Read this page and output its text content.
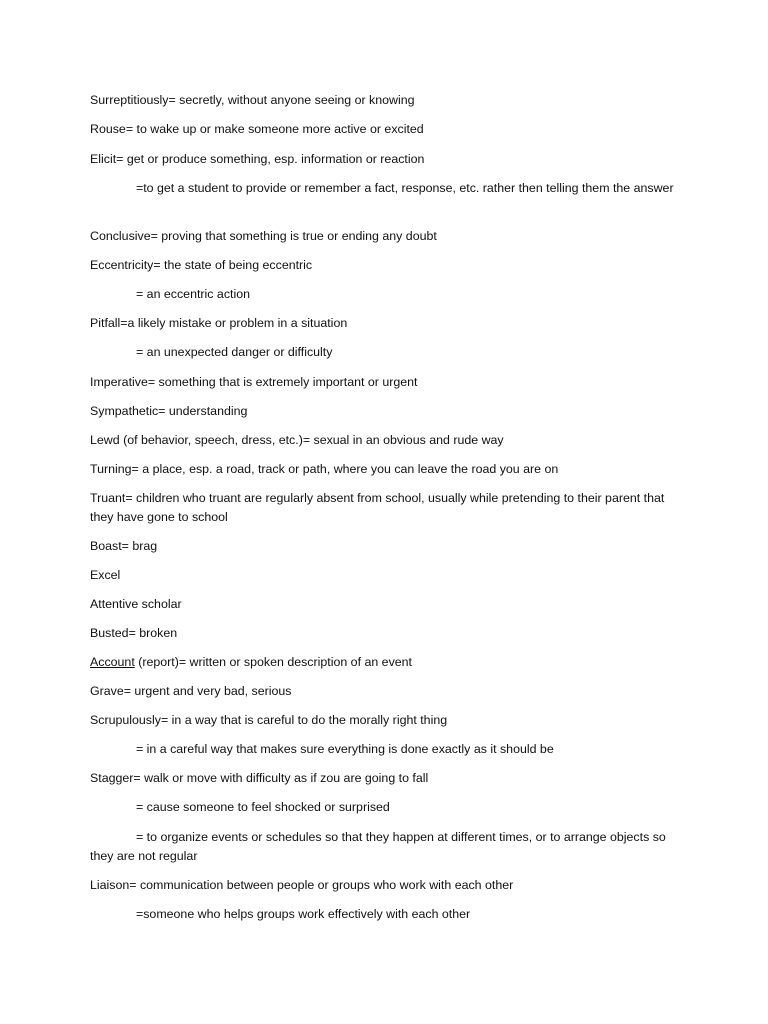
Surreptitiously= secretly, without anyone seeing or knowing

Rouse= to wake up or make someone more active or excited

Elicit= get or produce something, esp. information or reaction

=to get a student to provide or remember a fact, response, etc. rather then telling them the answer

Conclusive= proving that something is true or ending any doubt

Eccentricity= the state of being eccentric

= an eccentric action

Pitfall=a likely mistake or problem in a situation

= an unexpected danger or difficulty

Imperative= something that is extremely important or urgent

Sympathetic= understanding

Lewd (of behavior, speech, dress, etc.)= sexual in an obvious and rude way

Turning= a place, esp. a road, track or path, where you can leave the road you are on

Truant= children who truant are regularly absent from school, usually while pretending to their parent that they have gone to school

Boast= brag

Excel

Attentive scholar

Busted= broken

Account (report)= written or spoken description of an event

Grave= urgent and very bad, serious

Scrupulously= in a way that is careful to do the morally right thing

= in a careful way that makes sure everything is done exactly as it should be

Stagger= walk or move with difficulty as if zou are going to fall

= cause someone to feel shocked or surprised

= to organize events or schedules so that they happen at different times, or to arrange objects so they are not regular

Liaison= communication between people or groups who work with each other

=someone who helps groups work effectively with each other
